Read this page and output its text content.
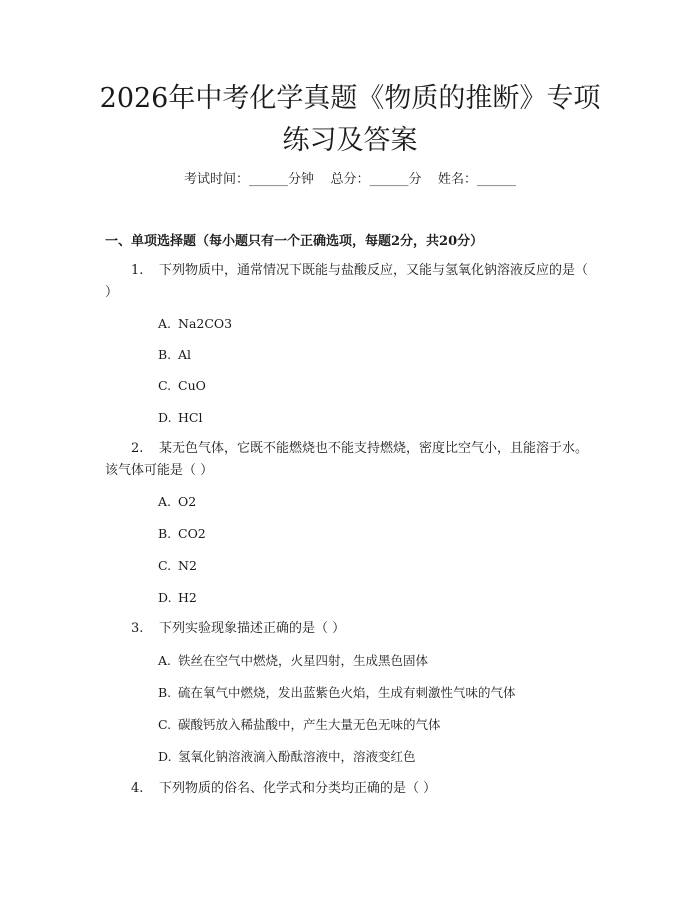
2026年中考化学真题《物质的推断》专项练习及答案
考试时间：______分钟    总分：______分    姓名：______
一、单项选择题（每小题只有一个正确选项，每题2分，共20分）
1. 下列物质中，通常情况下既能与盐酸反应，又能与氢氧化钠溶液反应的是（ ）
A. Na2CO3
B. Al
C. CuO
D. HCl
2. 某无色气体，它既不能燃烧也不能支持燃烧，密度比空气小，且能溶于水。该气体可能是（ ）
A. O2
B. CO2
C. N2
D. H2
3. 下列实验现象描述正确的是（ ）
A. 铁丝在空气中燃烧，火星四射，生成黑色固体
B. 硫在氧气中燃烧，发出蓝紫色火焰，生成有刺激性气味的气体
C. 碳酸钙放入稀盐酸中，产生大量无色无味的气体
D. 氢氧化钠溶液滴入酚酞溶液中，溶液变红色
4. 下列物质的俗名、化学式和分类均正确的是（ ）
